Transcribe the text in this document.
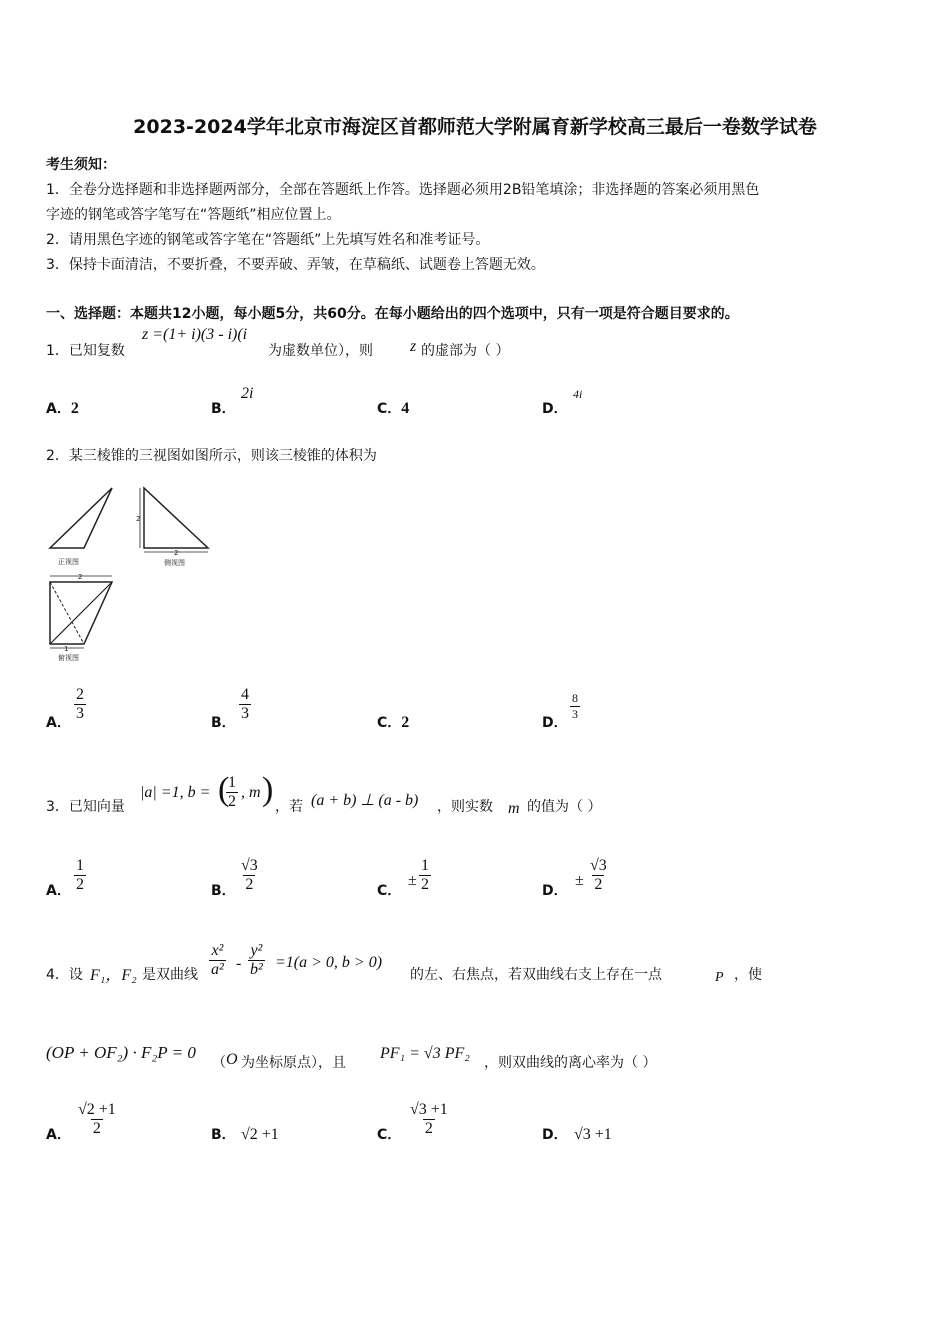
2023-2024学年北京市海淀区首都师范大学附属育新学校高三最后一卷数学试卷
考生须知：
1．全卷分选择题和非选择题两部分，全部在答题纸上作答。选择题必须用2B铅笔填涂；非选择题的答案必须用黑色
字迹的钢笔或答字笔写在“答题纸”相应位置上。
2．请用黑色字迹的钢笔或答字笔在“答题纸”上先填写姓名和准考证号。
3．保持卡面清洁，不要折叠，不要弄破、弄皱，在草稿纸、试题卷上答题无效。
一、选择题：本题共12小题，每小题5分，共60分。在每小题给出的四个选项中，只有一项是符合题目要求的。
1．已知复数
z =(1+ i)(3 - i)(i
为虚数单位），则 z 的虚部为（ ）
A．2	B．
2i
C．4	D．
4i
2．某三棱锥的三视图如图所示，则该三棱锥的体积为
正视图
2
2
侧视图
2
1
俯视图
A． $\frac{2}{3}$	B． $\frac{4}{3}$	C．2	D．
$\frac{8}{3}$
3．已知向量
|a| =1, b = (
$\frac{1}{2}$ , m ) ，若 (a + b) ⊥ (a - b) ，则实数 m 的值为（ ）
A． $\frac{1}{2}$	B． $\frac{√3}{2}$	C．
± $\frac{1}{2}$	D．
± $\frac{√3}{2}$
4．设 F₁，F₂ 是双曲线 $\frac{\text{x²}}{\text{a²}} - \frac{\text{y²}}{\text{b²}} =1(a > 0$, b > 0)
的左、右焦点，若双曲线右支上存在一点	P ，使
(OP + OF₂) · F₂P = 0
（ O 为坐标原点），且
PF₁ = √3 PF₂
，则双曲线的离心率为（ ）
A． $\frac{√2 +1}{2}$	B． √2 +1	C． $\frac{√3 +1}{2}$	D． √3 +1
